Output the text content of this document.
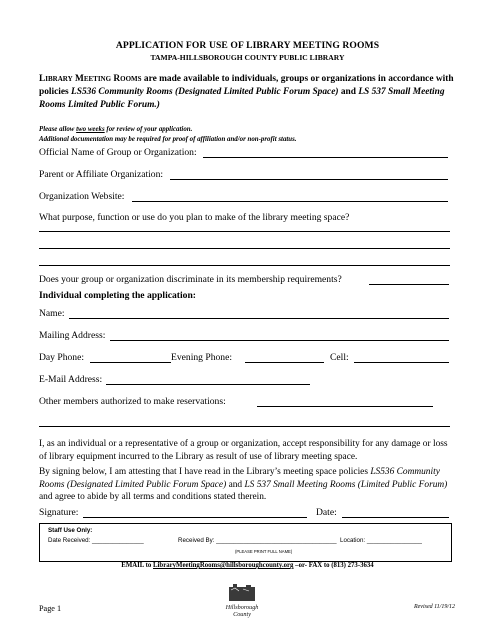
APPLICATION FOR USE OF LIBRARY MEETING ROOMS
TAMPA-HILLSBOROUGH COUNTY PUBLIC LIBRARY
Library Meeting Rooms are made available to individuals, groups or organizations in accordance with policies LS536 Community Rooms (Designated Limited Public Forum Space) and LS 537 Small Meeting Rooms Limited Public Forum.)
Please allow two weeks for review of your application.
Additional documentation may be required for proof of affiliation and/or non-profit status.
Official Name of Group or Organization:
Parent or Affiliate Organization:
Organization Website:
What purpose, function or use do you plan to make of the library meeting space?
Does your group or organization discriminate in its membership requirements?
Individual completing the application:
Name:
Mailing Address:
Day Phone:	Evening Phone:	Cell:
E-Mail Address:
Other members authorized to make reservations:
I, as an individual or a representative of a group or organization, accept responsibility for any damage or loss of library equipment incurred to the Library as result of use of library meeting space.
By signing below, I am attesting that I have read in the Library’s meeting space policies LS536 Community Rooms (Designated Limited Public Forum Space) and LS 537 Small Meeting Rooms (Limited Public Forum) and agree to abide by all terms and conditions stated therein.
Signature:	Date:
Staff Use Only:
Date Received: _______________	Received By: ___________________________________ Location: ________________
(PLEASE PRINT FULL NAME)
EMAIL to LibraryMeetingRooms@hillsboroughcounty.org –or- FAX to (813) 273-3634
Hillsborough
County
Page 1	Revised 11/19/12
